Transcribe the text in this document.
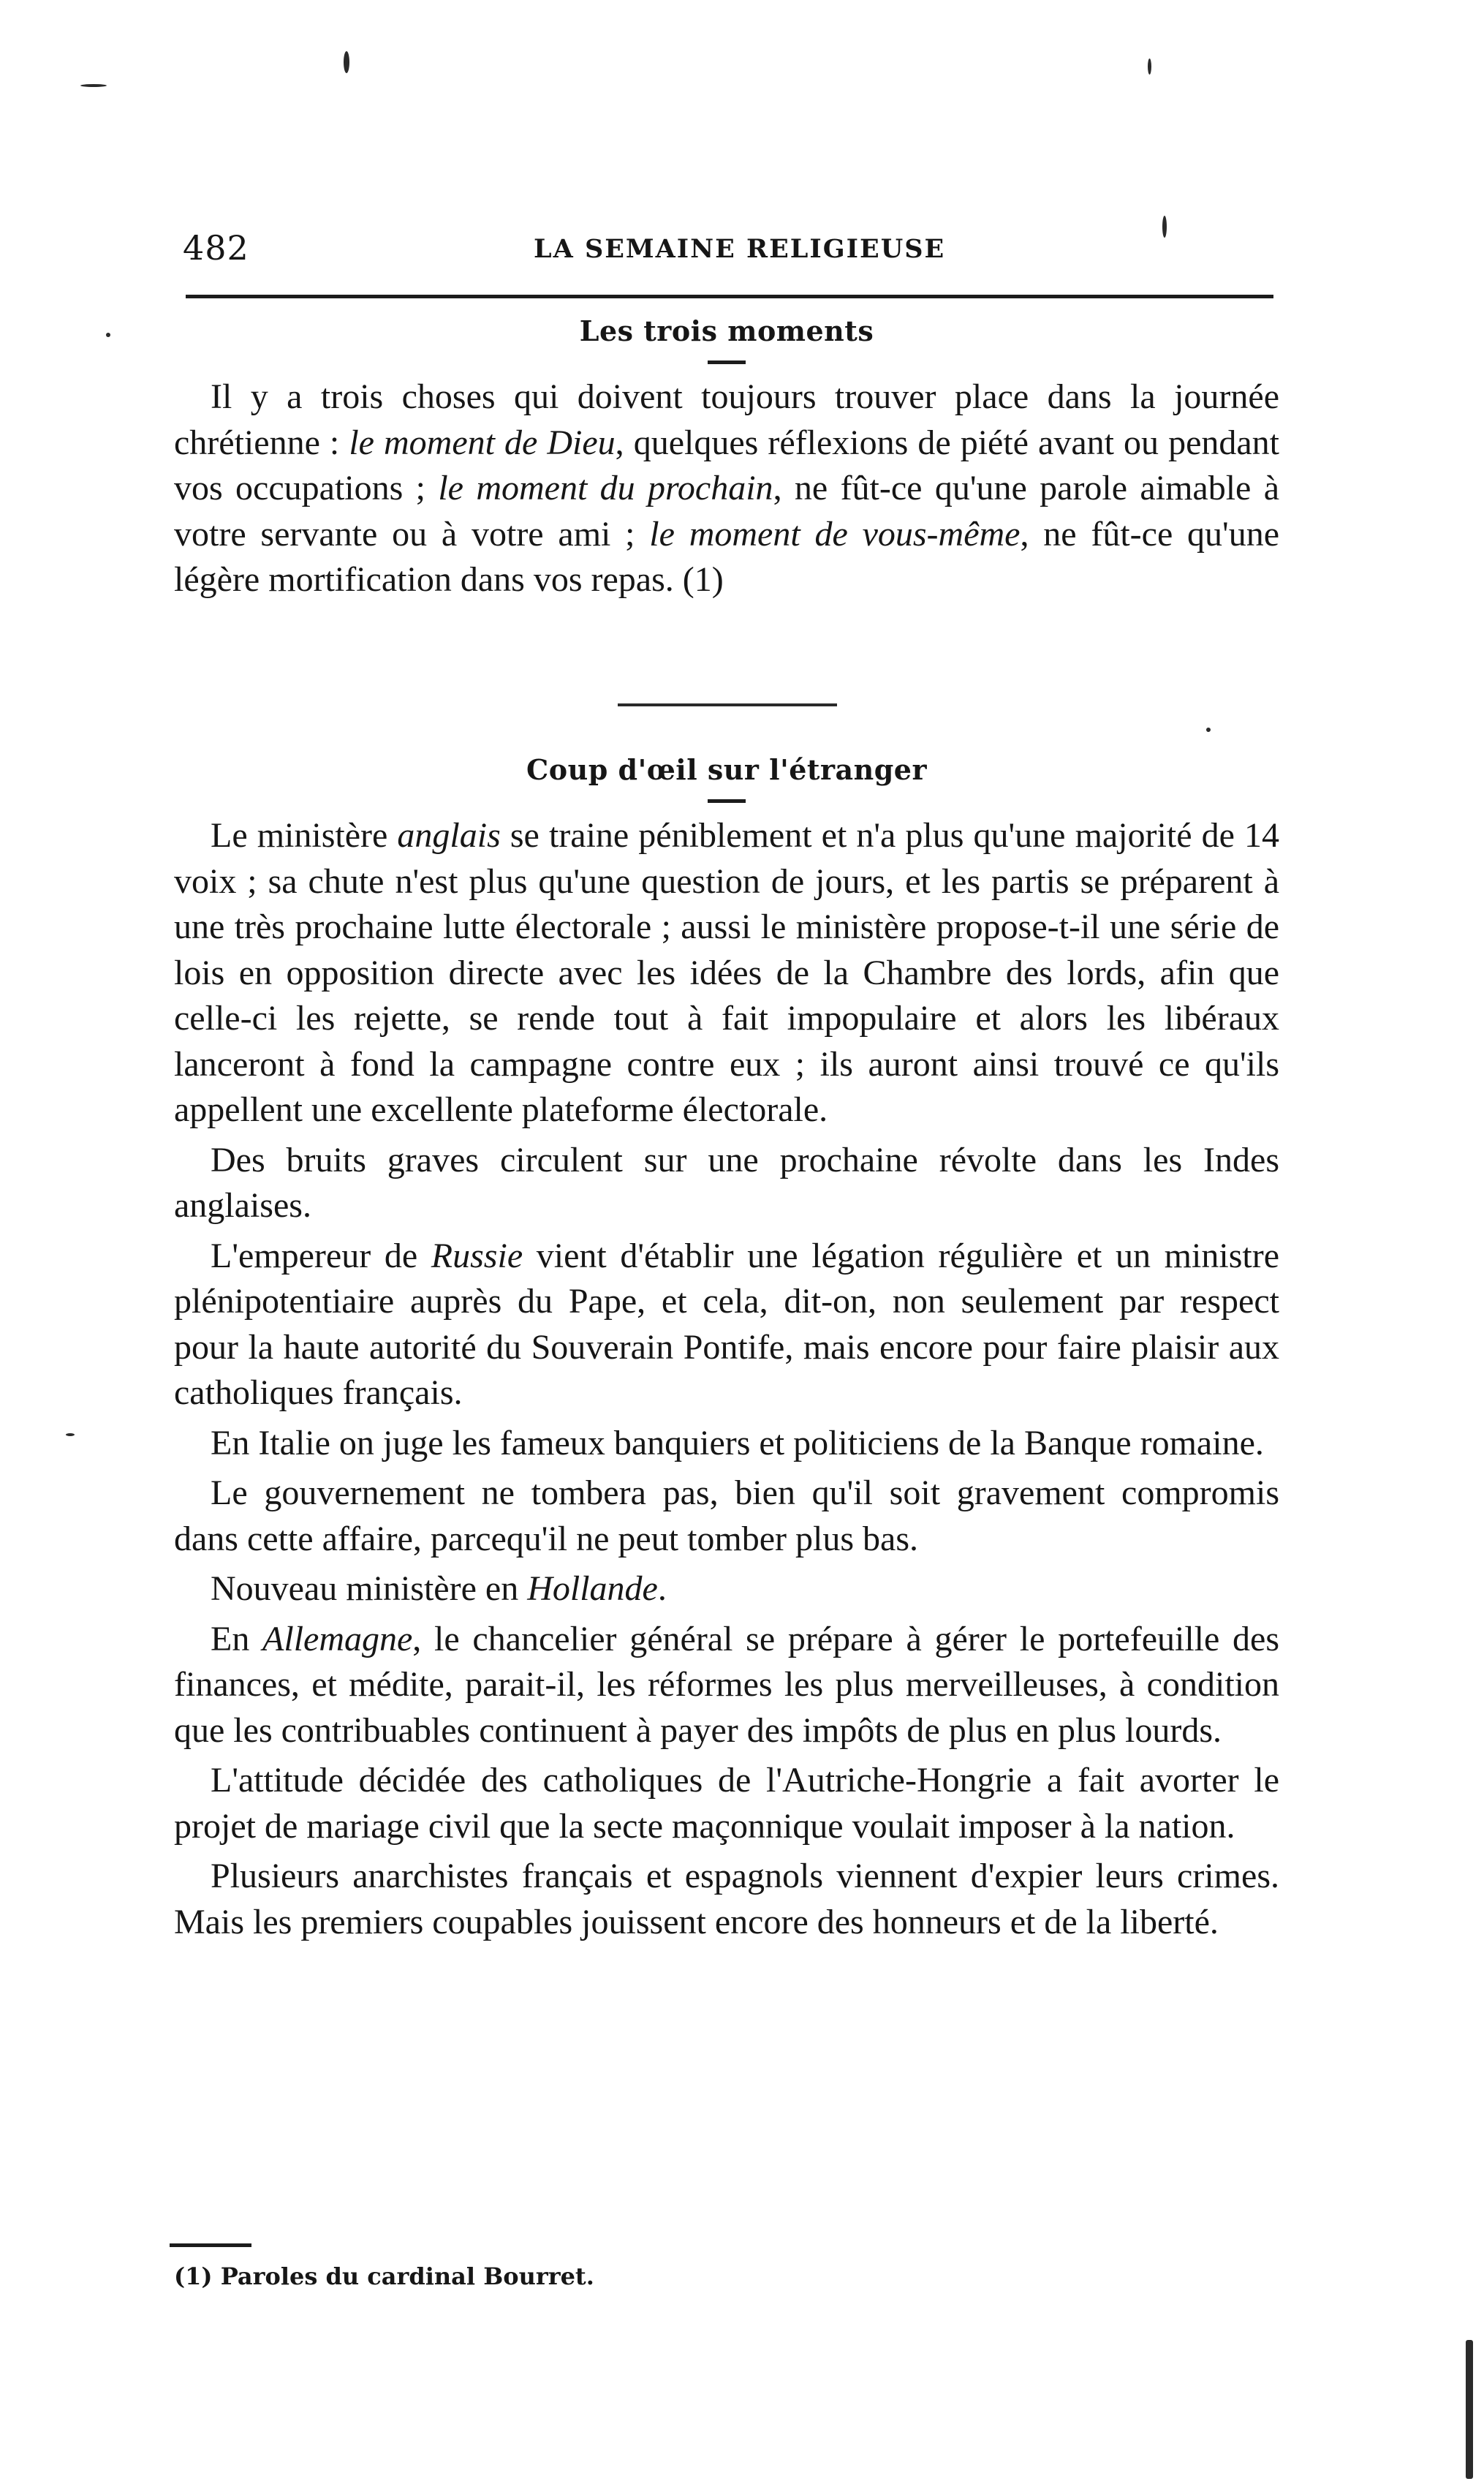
482	LA SEMAINE RELIGIEUSE
Les trois moments

Il y a trois choses qui doivent toujours trouver place dans la journée chrétienne : le moment de Dieu, quelques réflexions de piété avant ou pendant vos occupations ; le moment du prochain, ne fût-ce qu'une parole aimable à votre servante ou à votre ami ; le moment de vous-même, ne fût-ce qu'une légère mortification dans vos repas. (1)

Coup d'œil sur l'étranger

Le ministère anglais se traine péniblement et n'a plus qu'une majorité de 14 voix ; sa chute n'est plus qu'une question de jours, et les partis se préparent à une très prochaine lutte électorale ; aussi le ministère propose-t-il une série de lois en opposition directe avec les idées de la Chambre des lords, afin que celle-ci les rejette, se rende tout à fait impopulaire et alors les libéraux lanceront à fond la campagne contre eux ; ils auront ainsi trouvé ce qu'ils appellent une excellente plateforme électorale.

Des bruits graves circulent sur une prochaine révolte dans les Indes anglaises.

L'empereur de Russie vient d'établir une légation régulière et un ministre plénipotentiaire auprès du Pape, et cela, dit-on, non seulement par respect pour la haute autorité du Souverain Pontife, mais encore pour faire plaisir aux catholiques français.

En Italie on juge les fameux banquiers et politiciens de la Banque romaine.

Le gouvernement ne tombera pas, bien qu'il soit gravement compromis dans cette affaire, parcequ'il ne peut tomber plus bas.

Nouveau ministère en Hollande.

En Allemagne, le chancelier général se prépare à gérer le portefeuille des finances, et médite, parait-il, les réformes les plus merveilleuses, à condition que les contribuables continuent à payer des impôts de plus en plus lourds.

L'attitude décidée des catholiques de l'Autriche-Hongrie a fait avorter le projet de mariage civil que la secte maçonnique voulait imposer à la nation.

Plusieurs anarchistes français et espagnols viennent d'expier leurs crimes. Mais les premiers coupables jouissent encore des honneurs et de la liberté.

(1) Paroles du cardinal Bourret.
